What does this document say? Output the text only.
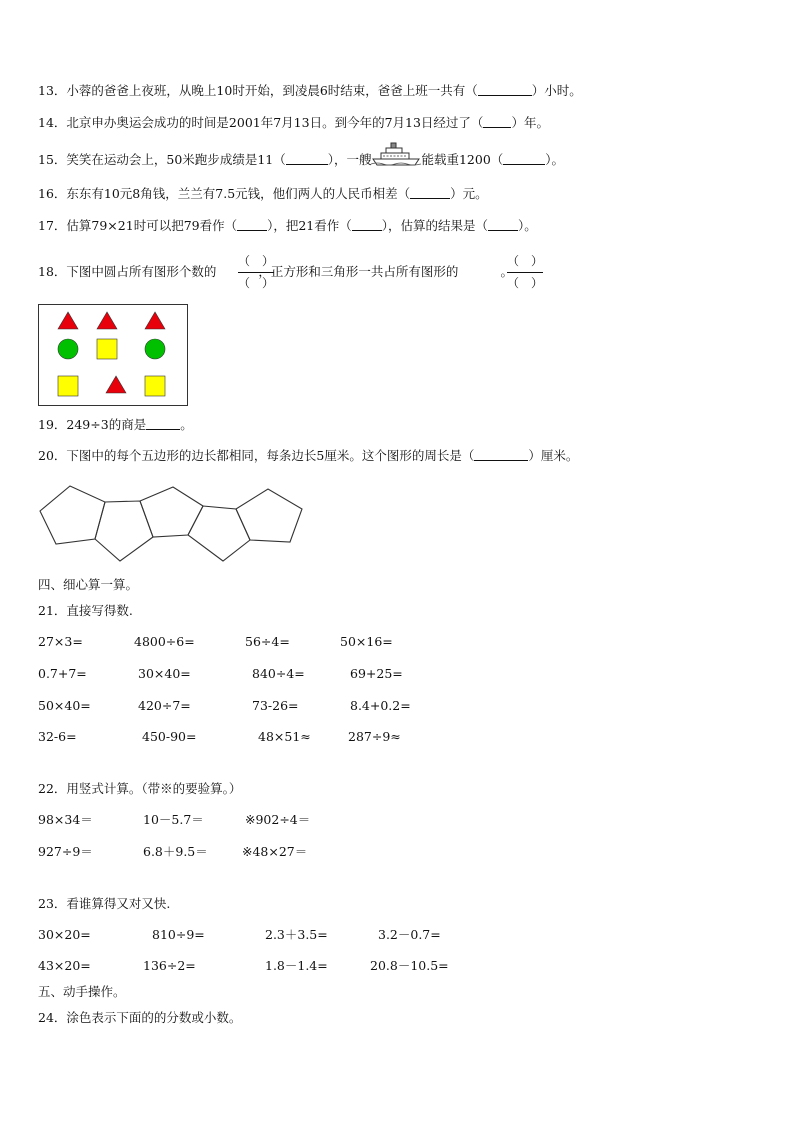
13．小蓉的爸爸上夜班，从晚上10时开始，到凌晨6时结束，爸爸上班一共有（	）小时。
14．北京申办奥运会成功的时间是2001年7月13日。到今年的7月13日经过了（ ）年。
15．笑笑在运动会上，50米跑步成绩是11（	），一艘	能载重1200（	）。
16．东东有10元8角钱，兰兰有7.5元钱，他们两人的人民币相差（	）元。
17．估算79×21时可以把79看作（ ），把21看作（ ），估算的结果是（ ）。
18．下图中圆占所有图形个数的	，正方形和三角形一共占所有图形的	。
（　）
（　）
（　）
（　）
19．249÷3的商是	。
20．下图中的每个五边形的边长都相同，每条边长5厘米。这个图形的周长是（	）厘米。
四、细心算一算。
21．直接写得数.
27×3=	4800÷6=	56÷4=	50×16=
0.7+7=	30×40=	840÷4=	69+25=
50×40=	420÷7=	73-26=	8.4+0.2=
32-6=	450-90=	48×51≈	287÷9≈
22．用竖式计算。（带※的要验算。）
98×34＝	10－5.7＝	※902÷4＝
927÷9＝	6.8＋9.5＝	※48×27＝
23．看谁算得又对又快.
30×20=	810÷9=	2.3＋3.5=	3.2－0.7=
43×20=	136÷2=	1.8－1.4=	20.8－10.5=
五、动手操作。
24．涂色表示下面的的分数或小数。
